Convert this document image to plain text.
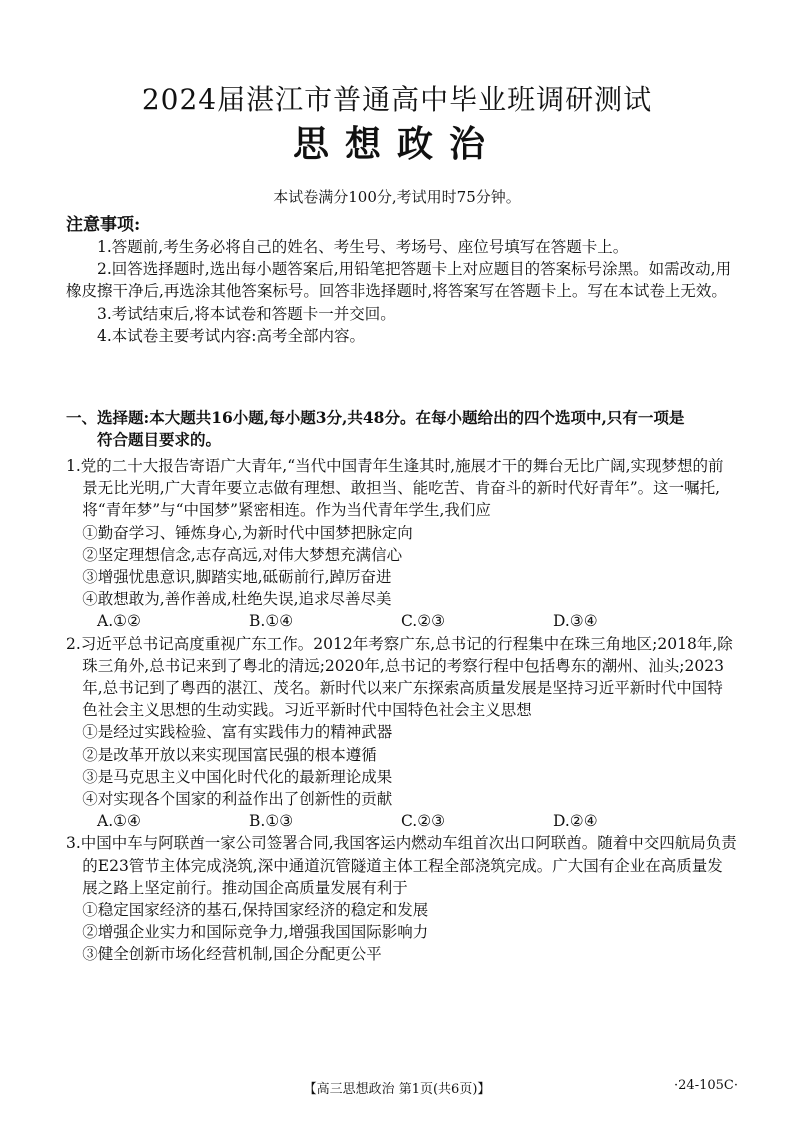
2024届湛江市普通高中毕业班调研测试
思想政治
本试卷满分100分,考试用时75分钟。
注意事项:

1.答题前,考生务必将自己的姓名、考生号、考场号、座位号填写在答题卡上。

2.回答选择题时,选出每小题答案后,用铅笔把答题卡上对应题目的答案标号涂黑。如需改动,用橡皮擦干净后,再选涂其他答案标号。回答非选择题时,将答案写在答题卡上。写在本试卷上无效。

3.考试结束后,将本试卷和答题卡一并交回。

4.本试卷主要考试内容:高考全部内容。

一、选择题:本大题共16小题,每小题3分,共48分。在每小题给出的四个选项中,只有一项是
符合题目要求的。

1.党的二十大报告寄语广大青年,“当代中国青年生逢其时,施展才干的舞台无比广阔,实现梦想的前景无比光明,广大青年要立志做有理想、敢担当、能吃苦、肯奋斗的新时代好青年”。这一嘱托,将“青年梦”与“中国梦”紧密相连。作为当代青年学生,我们应

①勤奋学习、锤炼身心,为新时代中国梦把脉定向

②坚定理想信念,志存高远,对伟大梦想充满信心

③增强忧患意识,脚踏实地,砥砺前行,踔厉奋进

④敢想敢为,善作善成,杜绝失误,追求尽善尽美

A.①②	B.①④	C.②③	D.③④

2.习近平总书记高度重视广东工作。2012年考察广东,总书记的行程集中在珠三角地区;2018年,除珠三角外,总书记来到了粤北的清远;2020年,总书记的考察行程中包括粤东的潮州、汕头;2023年,总书记到了粤西的湛江、茂名。新时代以来广东探索高质量发展是坚持习近平新时代中国特色社会主义思想的生动实践。习近平新时代中国特色社会主义思想

①是经过实践检验、富有实践伟力的精神武器

②是改革开放以来实现国富民强的根本遵循

③是马克思主义中国化时代化的最新理论成果

④对实现各个国家的利益作出了创新性的贡献

A.①④	B.①③	C.②③	D.②④

3.中国中车与阿联酋一家公司签署合同,我国客运内燃动车组首次出口阿联酋。随着中交四航局负责的E23管节主体完成浇筑,深中通道沉管隧道主体工程全部浇筑完成。广大国有企业在高质量发展之路上坚定前行。推动国企高质量发展有利于

①稳定国家经济的基石,保持国家经济的稳定和发展

②增强企业实力和国际竞争力,增强我国国际影响力

③健全创新市场化经营机制,国企分配更公平

【高三思想政治 第1页(共6页)】	·24-105C·
